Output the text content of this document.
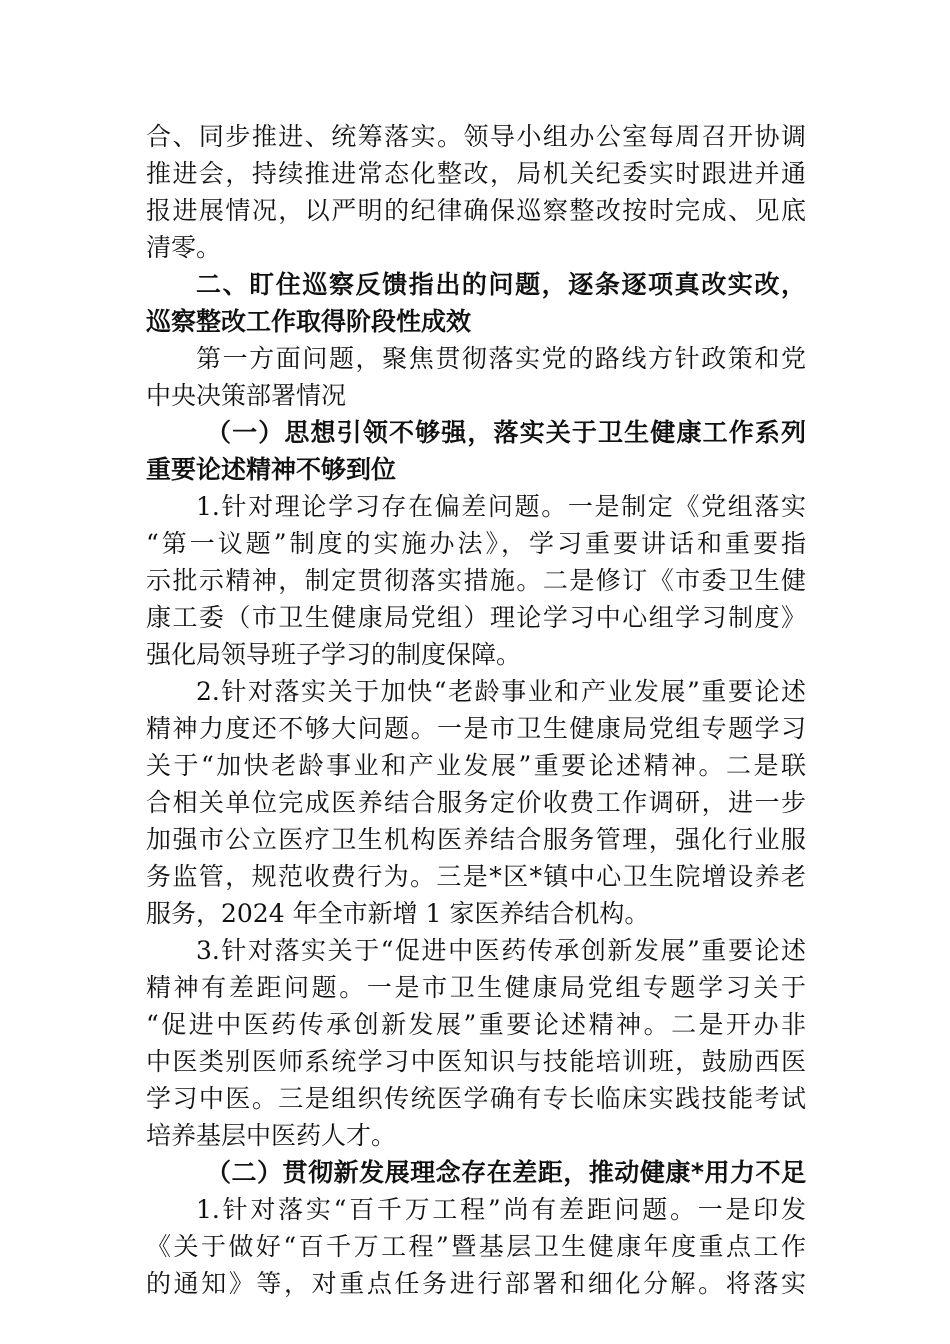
合、同步推进、统筹落实。领导小组办公室每周召开协调
推进会，持续推进常态化整改，局机关纪委实时跟进并通
报进展情况，以严明的纪律确保巡察整改按时完成、见底
清零。
二、盯住巡察反馈指出的问题，逐条逐项真改实改，
巡察整改工作取得阶段性成效
第一方面问题，聚焦贯彻落实党的路线方针政策和党
中央决策部署情况
（一）思想引领不够强，落实关于卫生健康工作系列
重要论述精神不够到位
1.针对理论学习存在偏差问题。一是制定《党组落实
“第一议题”制度的实施办法》，学习重要讲话和重要指
示批示精神，制定贯彻落实措施。二是修订《市委卫生健
康工委（市卫生健康局党组）理论学习中心组学习制度》
强化局领导班子学习的制度保障。
2.针对落实关于加快“老龄事业和产业发展”重要论述
精神力度还不够大问题。一是市卫生健康局党组专题学习
关于“加快老龄事业和产业发展”重要论述精神。二是联
合相关单位完成医养结合服务定价收费工作调研，进一步
加强市公立医疗卫生机构医养结合服务管理，强化行业服
务监管，规范收费行为。三是*区*镇中心卫生院增设养老
服务，2024 年全市新增 1 家医养结合机构。
3.针对落实关于“促进中医药传承创新发展”重要论述
精神有差距问题。一是市卫生健康局党组专题学习关于
“促进中医药传承创新发展”重要论述精神。二是开办非
中医类别医师系统学习中医知识与技能培训班，鼓励西医
学习中医。三是组织传统医学确有专长临床实践技能考试
培养基层中医药人才。
（二）贯彻新发展理念存在差距，推动健康*用力不足
1.针对落实“百千万工程”尚有差距问题。一是印发
《关于做好“百千万工程”暨基层卫生健康年度重点工作
的通知》等，对重点任务进行部署和细化分解。将落实
